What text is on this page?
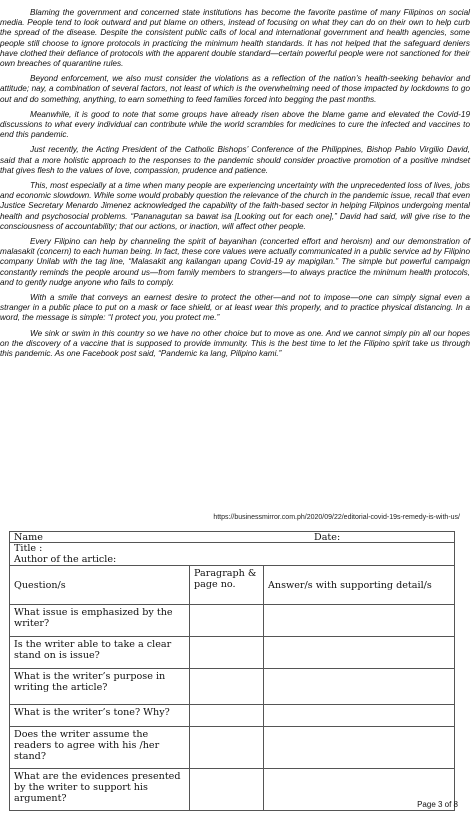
Blaming the government and concerned state institutions has become the favorite pastime of many Filipinos on social media. People tend to look outward and put blame on others, instead of focusing on what they can do on their own to help curb the spread of the disease. Despite the consistent public calls of local and international government and health agencies, some people still choose to ignore protocols in practicing the minimum health standards. It has not helped that the safeguard deniers have clothed their defiance of protocols with the apparent double standard—certain powerful people were not sanctioned for their own breaches of quarantine rules.

Beyond enforcement, we also must consider the violations as a reflection of the nation’s health-seeking behavior and attitude; nay, a combination of several factors, not least of which is the overwhelming need of those impacted by lockdowns to go out and do something, anything, to earn something to feed families forced into begging the past months.

Meanwhile, it is good to note that some groups have already risen above the blame game and elevated the Covid-19 discussions to what every individual can contribute while the world scrambles for medicines to cure the infected and vaccines to end this pandemic.

Just recently, the Acting President of the Catholic Bishops’ Conference of the Philippines, Bishop Pablo Virgilio David, said that a more holistic approach to the responses to the pandemic should consider proactive promotion of a positive mindset that gives flesh to the values of love, compassion, prudence and patience.

This, most especially at a time when many people are experiencing uncertainty with the unprecedented loss of lives, jobs and economic slowdown. While some would probably question the relevance of the church in the pandemic issue, recall that even Justice Secretary Menardo Jimenez acknowledged the capability of the faith-based sector in helping Filipinos undergoing mental health and psychosocial problems. “Pananagutan sa bawat isa [Looking out for each one],” David had said, will give rise to the consciousness of accountability; that our actions, or inaction, will affect other people.

Every Filipino can help by channeling the spirit of bayanihan (concerted effort and heroism) and our demonstration of malasakit (concern) to each human being. In fact, these core values were actually communicated in a public service ad by Filipino company Unilab with the tag line, “Malasakit ang kailangan upang Covid-19 ay mapigilan.” The simple but powerful campaign constantly reminds the people around us—from family members to strangers—to always practice the minimum health protocols, and to gently nudge anyone who fails to comply.

With a smile that conveys an earnest desire to protect the other—and not to impose—one can simply signal even a stranger in a public place to put on a mask or face shield, or at least wear this properly, and to practice physical distancing. In a word, the message is simple: “I protect you, you protect me.”

We sink or swim in this country so we have no other choice but to move as one. And we cannot simply pin all our hopes on the discovery of a vaccine that is supposed to provide immunity. This is the best time to let the Filipino spirit take us through this pandemic. As one Facebook post said, “Pandemic ka lang, Pilipino kami.”

https://businessmirror.com.ph/2020/09/22/editorial-covid-19s-remedy-is-with-us/
Name	Date:
Title :
Author of the article:
Question/s	Paragraph & page no.	Answer/s with supporting detail/s
What issue is emphasized by the writer?		
Is the writer able to take a clear stand on is issue?		
What is the writer’s purpose in writing the article?		
What is the writer’s tone? Why?		
Does the writer assume the readers to agree with his /her stand?		
What are the evidences presented by the writer to support his argument?		
Page 3 of 8
